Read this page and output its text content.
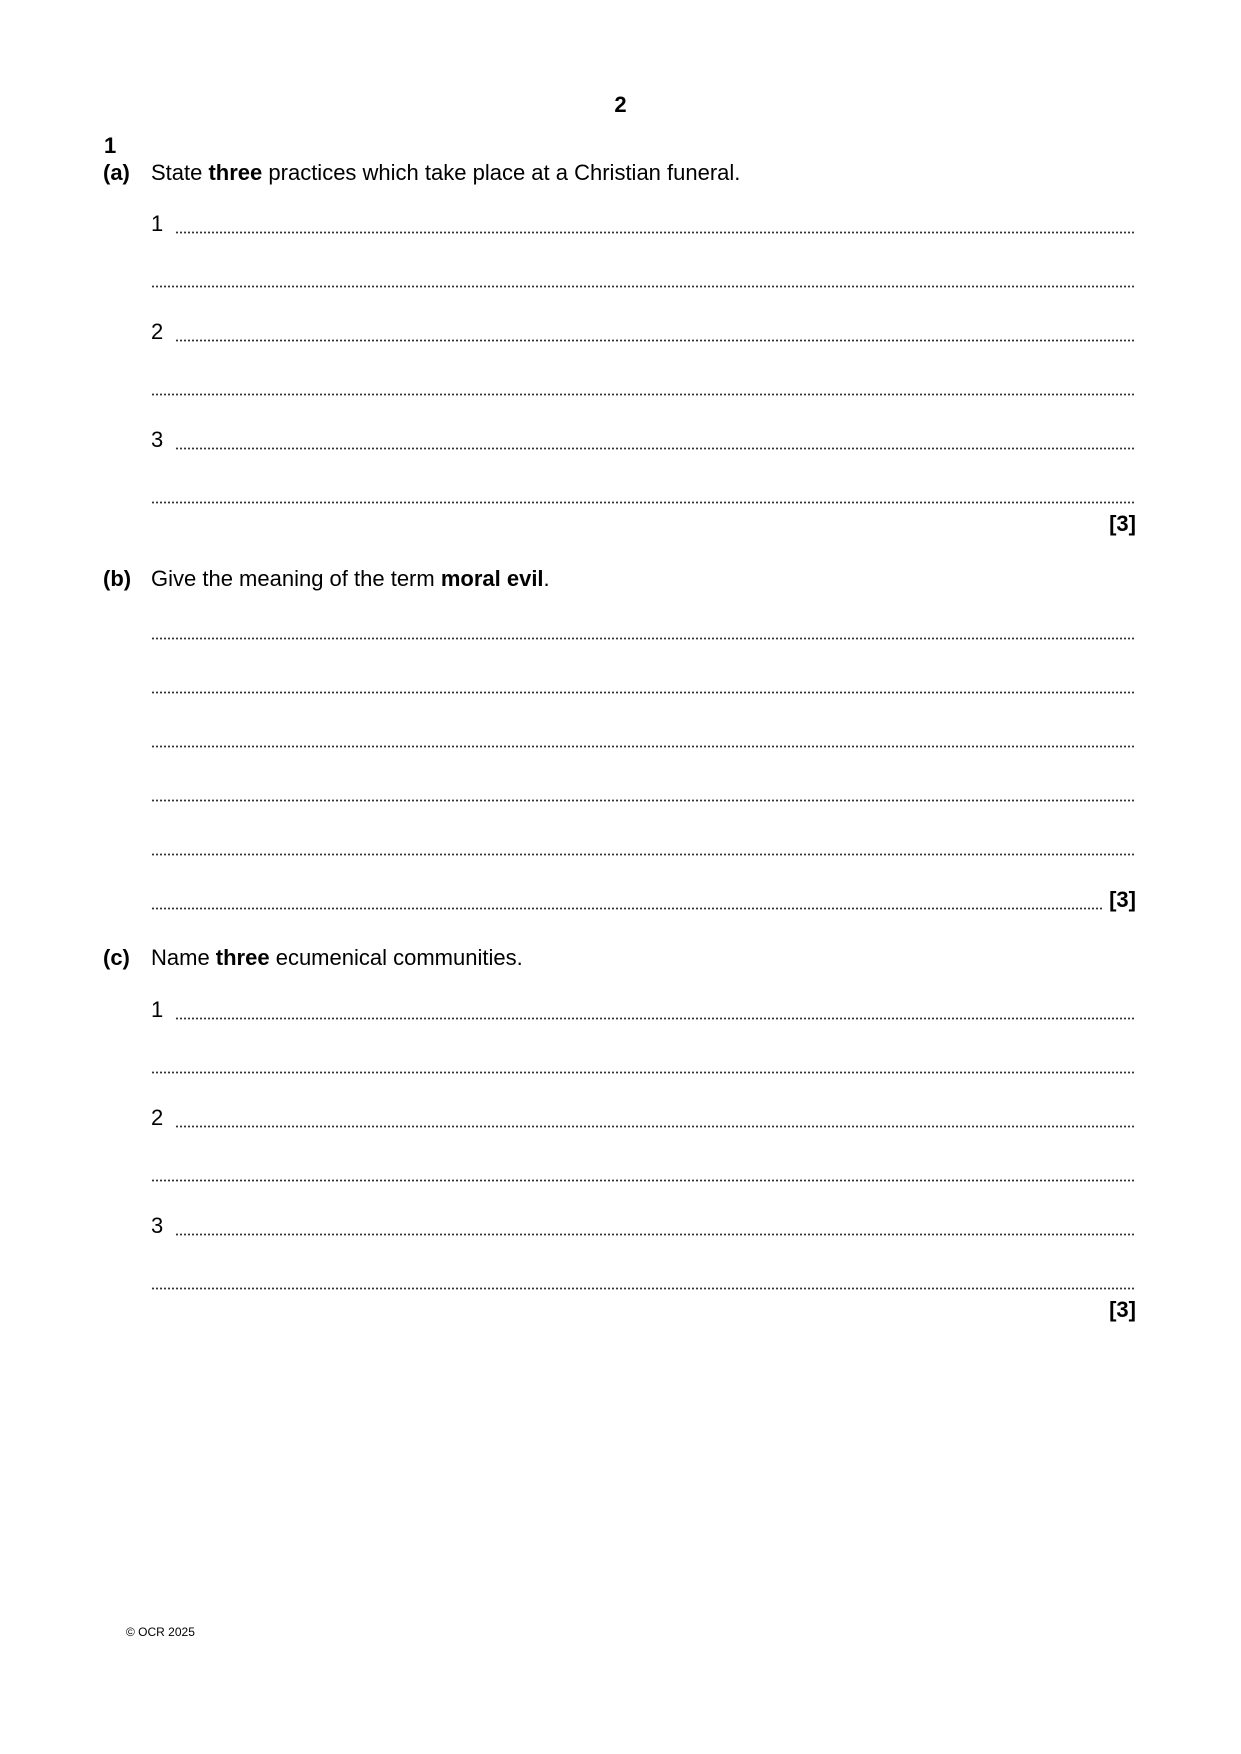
2
1
(a) State three practices which take place at a Christian funeral.
1
2
3
[3]
(b) Give the meaning of the term moral evil.
[3]
(c) Name three ecumenical communities.
1
2
3
[3]
© OCR 2025
